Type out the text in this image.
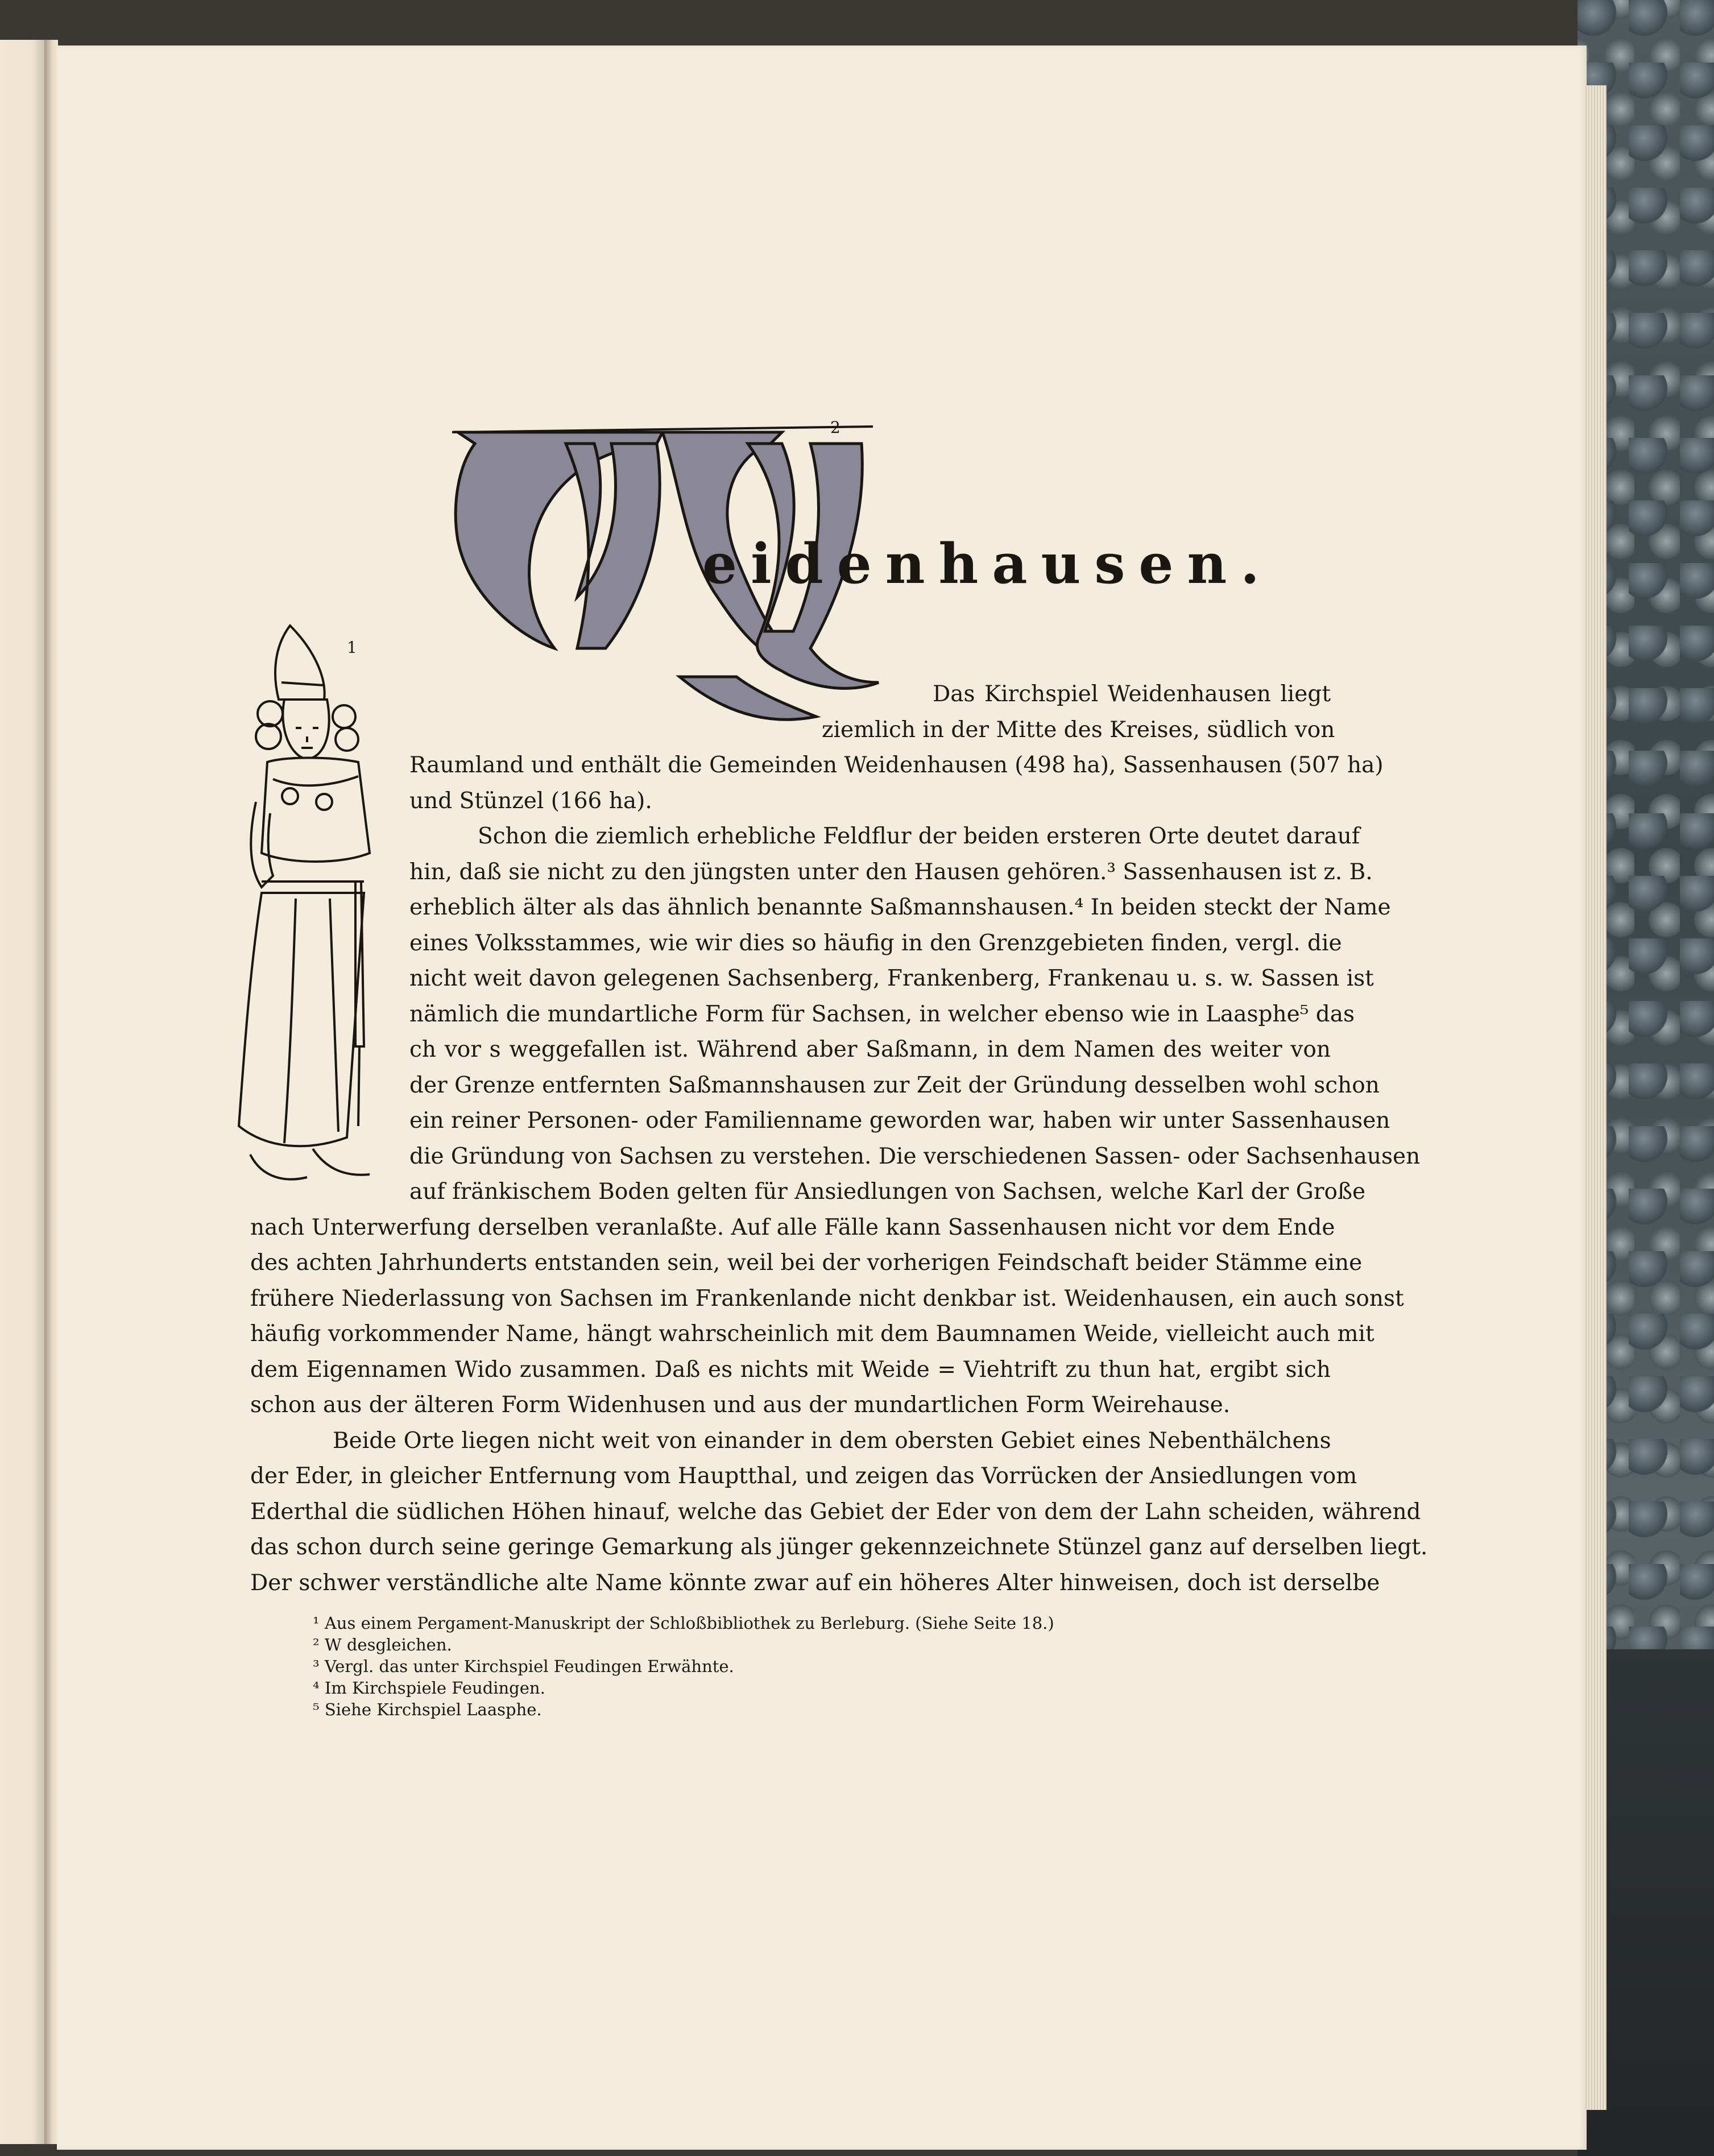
eidenhausen.
2
1
Das Kirchspiel Weidenhausen liegt
ziemlich in der Mitte des Kreises, südlich von
Raumland und enthält die Gemeinden Weidenhausen (498 ha), Sassenhausen (507 ha)
und Stünzel (166 ha).
Schon die ziemlich erhebliche Feldflur der beiden ersteren Orte deutet darauf
hin, daß sie nicht zu den jüngsten unter den Hausen gehören.³ Sassenhausen ist z. B.
erheblich älter als das ähnlich benannte Saßmannshausen.⁴ In beiden steckt der Name
eines Volksstammes, wie wir dies so häufig in den Grenzgebieten finden, vergl. die
nicht weit davon gelegenen Sachsenberg, Frankenberg, Frankenau u. s. w. Sassen ist
nämlich die mundartliche Form für Sachsen, in welcher ebenso wie in Laasphe⁵ das
ch vor s weggefallen ist. Während aber Saßmann, in dem Namen des weiter von
der Grenze entfernten Saßmannshausen zur Zeit der Gründung desselben wohl schon
ein reiner Personen- oder Familienname geworden war, haben wir unter Sassenhausen
die Gründung von Sachsen zu verstehen. Die verschiedenen Sassen- oder Sachsenhausen
auf fränkischem Boden gelten für Ansiedlungen von Sachsen, welche Karl der Große
nach Unterwerfung derselben veranlaßte. Auf alle Fälle kann Sassenhausen nicht vor dem Ende
des achten Jahrhunderts entstanden sein, weil bei der vorherigen Feindschaft beider Stämme eine
frühere Niederlassung von Sachsen im Frankenlande nicht denkbar ist. Weidenhausen, ein auch sonst
häufig vorkommender Name, hängt wahrscheinlich mit dem Baumnamen Weide, vielleicht auch mit
dem Eigennamen Wido zusammen. Daß es nichts mit Weide = Viehtrift zu thun hat, ergibt sich
schon aus der älteren Form Widenhusen und aus der mundartlichen Form Weirehause.
Beide Orte liegen nicht weit von einander in dem obersten Gebiet eines Nebenthälchens
der Eder, in gleicher Entfernung vom Hauptthal, und zeigen das Vorrücken der Ansiedlungen vom
Ederthal die südlichen Höhen hinauf, welche das Gebiet der Eder von dem der Lahn scheiden, während
das schon durch seine geringe Gemarkung als jünger gekennzeichnete Stünzel ganz auf derselben liegt.
Der schwer verständliche alte Name könnte zwar auf ein höheres Alter hinweisen, doch ist derselbe
¹ Aus einem Pergament-Manuskript der Schloßbibliothek zu Berleburg. (Siehe Seite 18.)
² W desgleichen.
³ Vergl. das unter Kirchspiel Feudingen Erwähnte.
⁴ Im Kirchspiele Feudingen.
⁵ Siehe Kirchspiel Laasphe.
